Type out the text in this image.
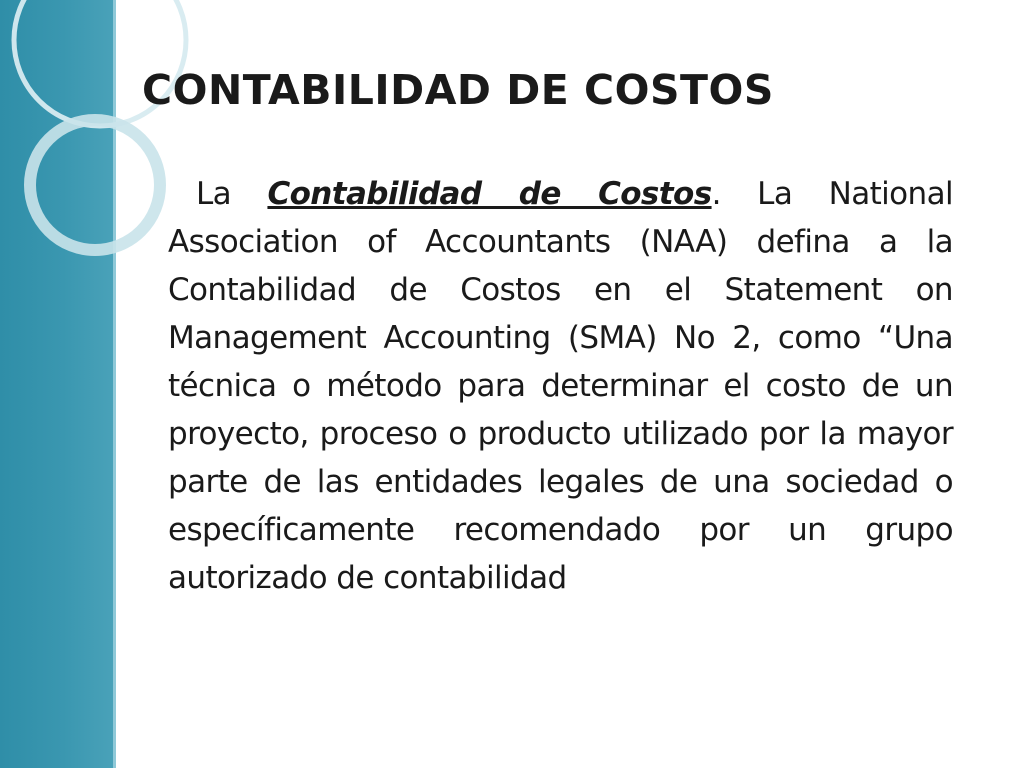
CONTABILIDAD DE COSTOS

La Contabilidad de Costos. La National Association of Accountants (NAA) defina a la Contabilidad de Costos en el Statement on Management Accounting (SMA) No 2, como “Una técnica o método para determinar el costo de un proyecto, proceso o producto utilizado por la mayor parte de las entidades legales de una sociedad o específicamente recomendado por un grupo autorizado de contabilidad
